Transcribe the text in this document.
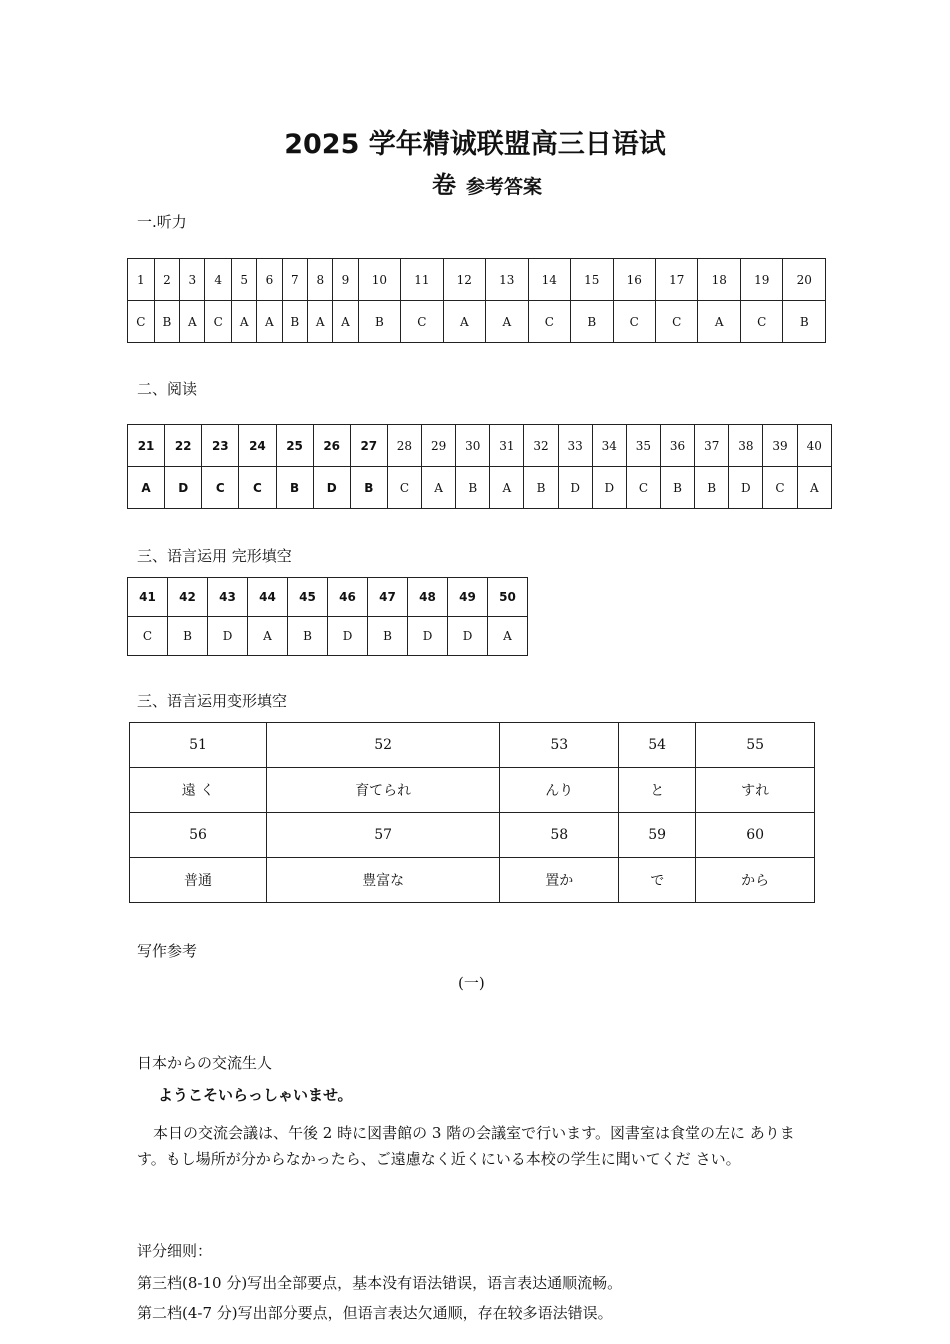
2025 学年精诚联盟高三日语试
卷 参考答案
一.听力
1	2	3	4	5	6	7	8	9	10	11	12	13	14	15	16	17	18	19	20
C	B	A	C	A	A	B	A	A	B	C	A	A	C	B	C	C	A	C	B
二、阅读
21	22	23	24	25	26	27	28	29	30	31	32	33	34	35	36	37	38	39	40
A	D	C	C	B	D	B	C	A	B	A	B	D	D	C	B	B	D	C	A
三、语言运用 完形填空
41	42	43	44	45	46	47	48	49	50
C	B	D	A	B	D	B	D	D	A
三、语言运用变形填空
51	52	53	54	55
遠 く	育てられ	んり	と	すれ
56	57	58	59	60
普通	豊富な	置か	で	から
写作参考
(一)
日本からの交流生人
ようこそいらっしゃいませ。
本日の交流会議は、午後 2 時に図書館の 3 階の会議室で行います。図書室は食堂の左に ありま す。もし場所が分からなかったら、ご遠慮なく近くにいる本校の学生に聞いてくだ さい。
评分细则：
第三档(8-10 分)写出全部要点，基本没有语法错误，语言表达通顺流畅。
第二档(4-7 分)写出部分要点，但语言表达欠通顺，存在较多语法错误。
